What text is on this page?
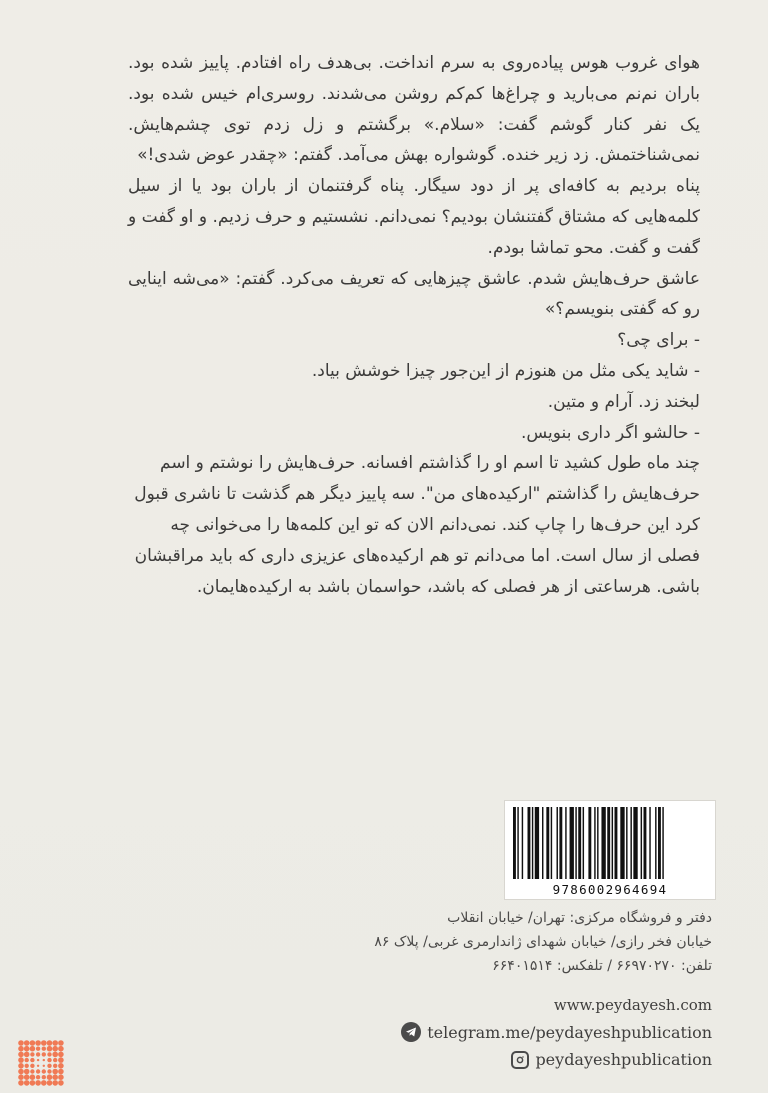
هوای غروب هوس پیاده‌روی به سرم انداخت. بی‌هدف راه افتادم. پاییز شده بود. باران نم‌نم می‌بارید و چراغ‌ها کم‌کم روشن می‌شدند. روسری‌ام خیس شده بود. یک نفر کنار گوشم گفت: «سلام.» برگشتم و زل زدم توی چشم‌هایش. نمی‌شناختمش. زد زیر خنده. گوشواره بهش می‌آمد. گفتم: «چقدر عوض شدی!»

پناه بردیم به کافه‌ای پر از دود سیگار. پناه گرفتنمان از باران بود یا از سیل کلمه‌هایی که مشتاق گفتنشان بودیم؟ نمی‌دانم. نشستیم و حرف زدیم. و او گفت و گفت و گفت. محو تماشا بودم.

عاشق حرف‌هایش شدم. عاشق چیزهایی که تعریف می‌کرد. گفتم: «می‌شه اینایی رو که گفتی بنویسم؟»

- برای چی؟

- شاید یکی مثل من هنوزم از این‌جور چیزا خوشش بیاد.

لبخند زد. آرام و متین.

- حالشو اگر داری بنویس.

چند ماه طول کشید تا اسم او را گذاشتم افسانه. حرف‌هایش را نوشتم و اسم حرف‌هایش را گذاشتم "ارکیده‌های من". سه پاییز دیگر هم گذشت تا ناشری قبول کرد این حرف‌ها را چاپ کند. نمی‌دانم الان که تو این کلمه‌ها را می‌خوانی چه فصلی از سال است. اما می‌دانم تو هم ارکیده‌های عزیزی داری که باید مراقبشان باشی. هرساعتی از هر فصلی که باشد، حواسمان باشد به ارکیده‌هایمان.

9786002964694
دفتر و فروشگاه مرکزی: تهران/ خیابان انقلاب
خیابان فخر رازی/ خیابان شهدای ژاندارمری غربی/ پلاک ۸۶
تلفن: ۶۶۹۷۰۲۷۰ / تلفکس: ۶۶۴۰۱۵۱۴
www.peydayesh.com
telegram.me/peydayeshpublication
peydayeshpublication
